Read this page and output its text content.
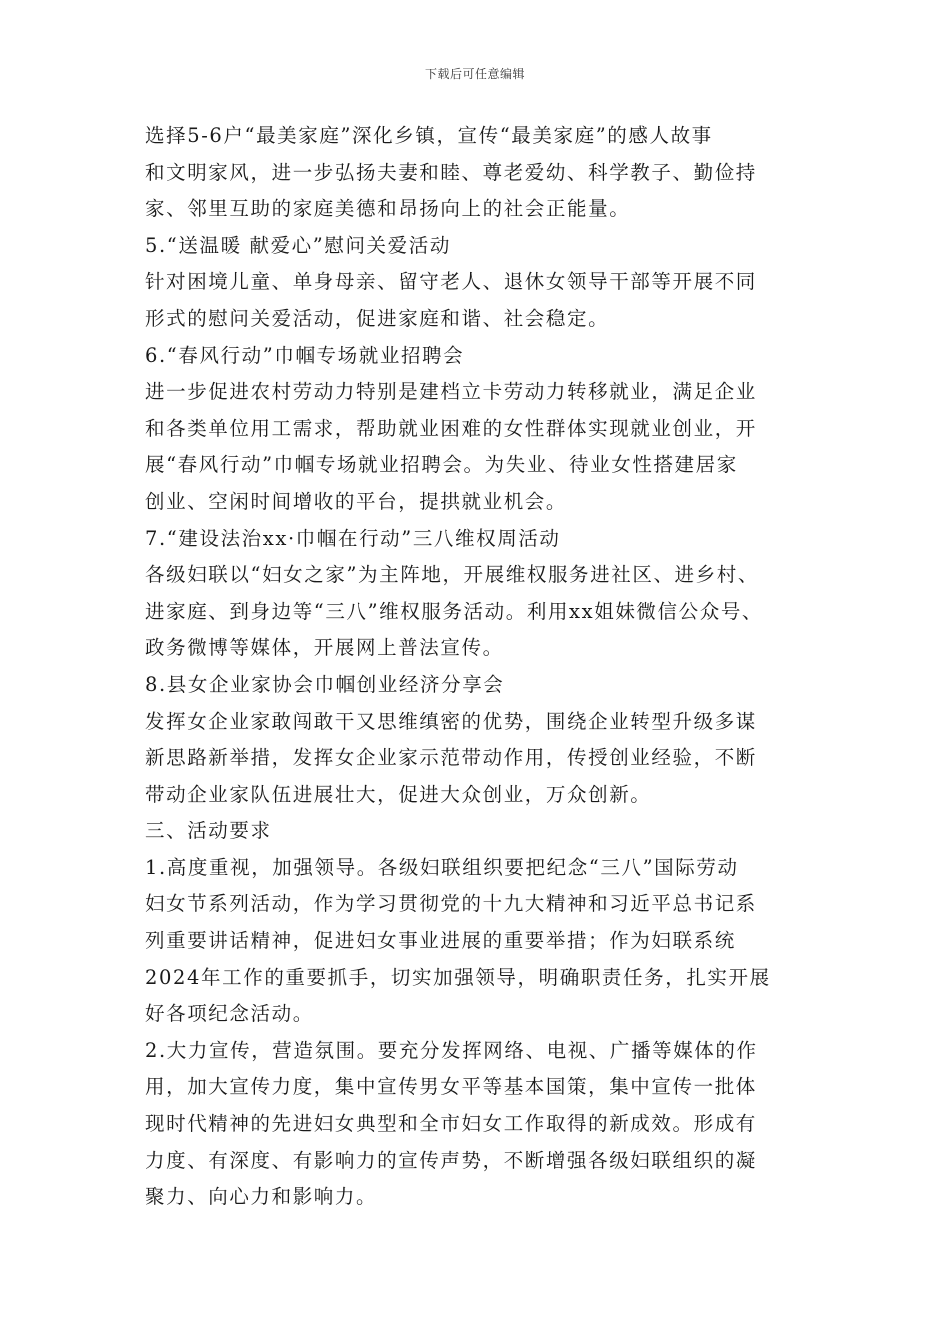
下载后可任意编辑
选择5-6户“最美家庭”深化乡镇，宣传“最美家庭”的感人故事
和文明家风，进一步弘扬夫妻和睦、尊老爱幼、科学教子、勤俭持
家、邻里互助的家庭美德和昂扬向上的社会正能量。
5.“送温暖 献爱心”慰问关爱活动
针对困境儿童、单身母亲、留守老人、退休女领导干部等开展不同
形式的慰问关爱活动，促进家庭和谐、社会稳定。
6.“春风行动”巾帼专场就业招聘会
进一步促进农村劳动力特别是建档立卡劳动力转移就业，满足企业
和各类单位用工需求，帮助就业困难的女性群体实现就业创业，开
展“春风行动”巾帼专场就业招聘会。为失业、待业女性搭建居家
创业、空闲时间增收的平台，提拱就业机会。
7.“建设法治xx·巾帼在行动”三八维权周活动
各级妇联以“妇女之家”为主阵地，开展维权服务进社区、进乡村、
进家庭、到身边等“三八”维权服务活动。利用xx姐妹微信公众号、
政务微博等媒体，开展网上普法宣传。
8.县女企业家协会巾帼创业经济分享会
发挥女企业家敢闯敢干又思维缜密的优势，围绕企业转型升级多谋
新思路新举措，发挥女企业家示范带动作用，传授创业经验，不断
带动企业家队伍进展壮大，促进大众创业，万众创新。
三、活动要求
1.高度重视，加强领导。各级妇联组织要把纪念“三八”国际劳动
妇女节系列活动，作为学习贯彻党的十九大精神和习近平总书记系
列重要讲话精神，促进妇女事业进展的重要举措；作为妇联系统
2024年工作的重要抓手，切实加强领导，明确职责任务，扎实开展
好各项纪念活动。
2.大力宣传，营造氛围。要充分发挥网络、电视、广播等媒体的作
用，加大宣传力度，集中宣传男女平等基本国策，集中宣传一批体
现时代精神的先进妇女典型和全市妇女工作取得的新成效。形成有
力度、有深度、有影响力的宣传声势，不断增强各级妇联组织的凝
聚力、向心力和影响力。
